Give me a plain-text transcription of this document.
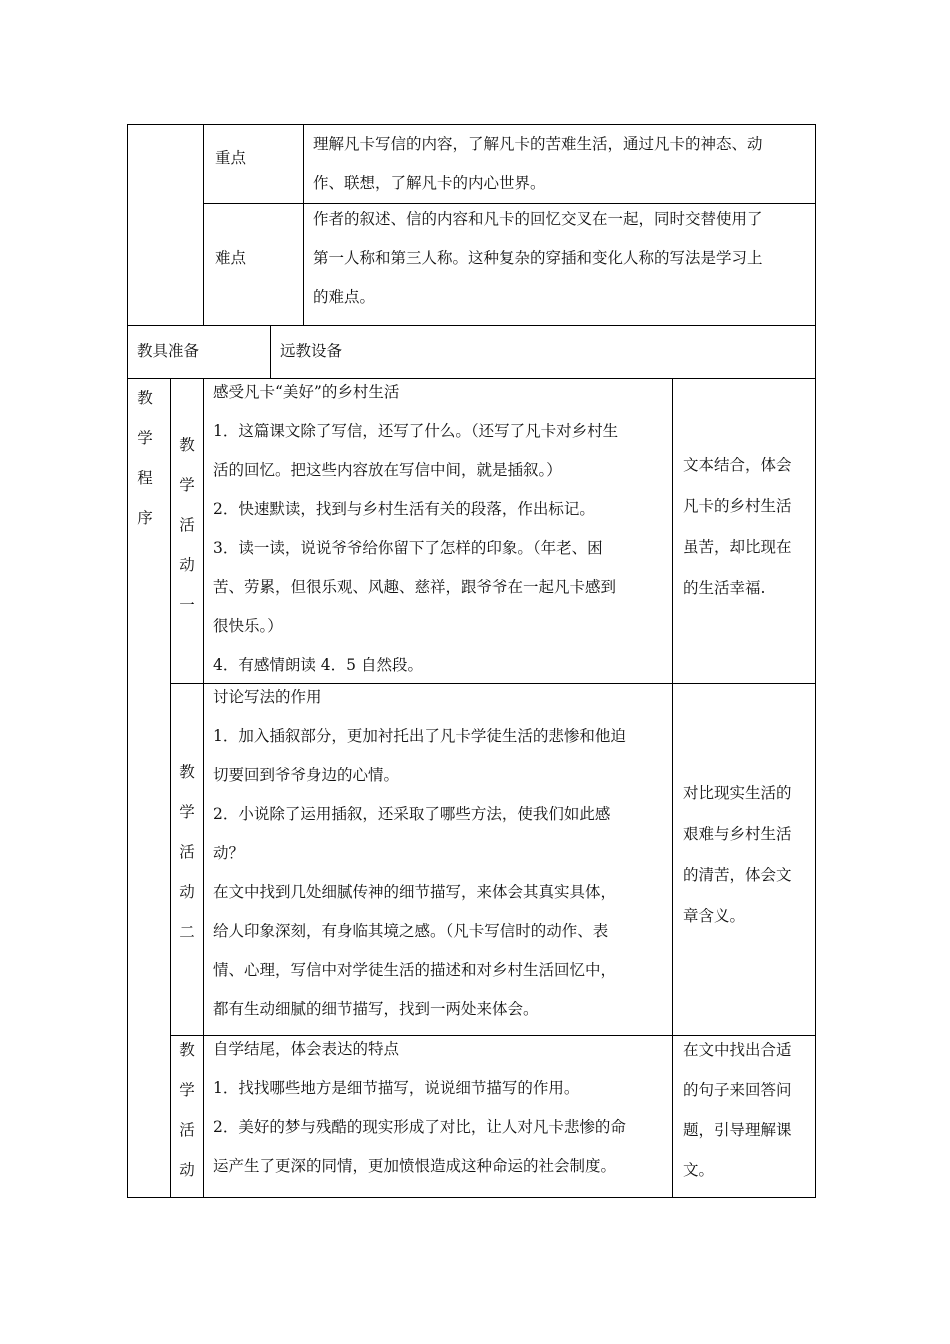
重点

理解凡卡写信的内容，了解凡卡的苦难生活，通过凡卡的神态、动

作、联想，了解凡卡的内心世界。

难点

作者的叙述、信的内容和凡卡的回忆交叉在一起，同时交替使用了

第一人称和第三人称。这种复杂的穿插和变化人称的写法是学习上

的难点。

教具准备	远教设备

教
学
程
序
教
学
活
动
一

感受凡卡“美好”的乡村生活

1．这篇课文除了写信，还写了什么。（还写了凡卡对乡村生

活的回忆。把这些内容放在写信中间，就是插叙。）

2．快速默读，找到与乡村生活有关的段落，作出标记。

3．读一读，说说爷爷给你留下了怎样的印象。（年老、困

苦、劳累，但很乐观、风趣、慈祥，跟爷爷在一起凡卡感到

很快乐。）

4．有感情朗读 4．5 自然段。

文本结合，体会

凡卡的乡村生活

虽苦，却比现在

的生活幸福.

教
学
活
动
二

讨论写法的作用

1．加入插叙部分，更加衬托出了凡卡学徒生活的悲惨和他迫

切要回到爷爷身边的心情。

2．小说除了运用插叙，还采取了哪些方法，使我们如此感

动？

在文中找到几处细腻传神的细节描写，来体会其真实具体，

给人印象深刻，有身临其境之感。（凡卡写信时的动作、表

情、心理，写信中对学徒生活的描述和对乡村生活回忆中，

都有生动细腻的细节描写，找到一两处来体会。

对比现实生活的

艰难与乡村生活

的清苦，体会文

章含义。

教
学
活
动

自学结尾，体会表达的特点

1．找找哪些地方是细节描写，说说细节描写的作用。

2．美好的梦与残酷的现实形成了对比，让人对凡卡悲惨的命

运产生了更深的同情，更加愤恨造成这种命运的社会制度。

在文中找出合适

的句子来回答问

题，引导理解课

文。
